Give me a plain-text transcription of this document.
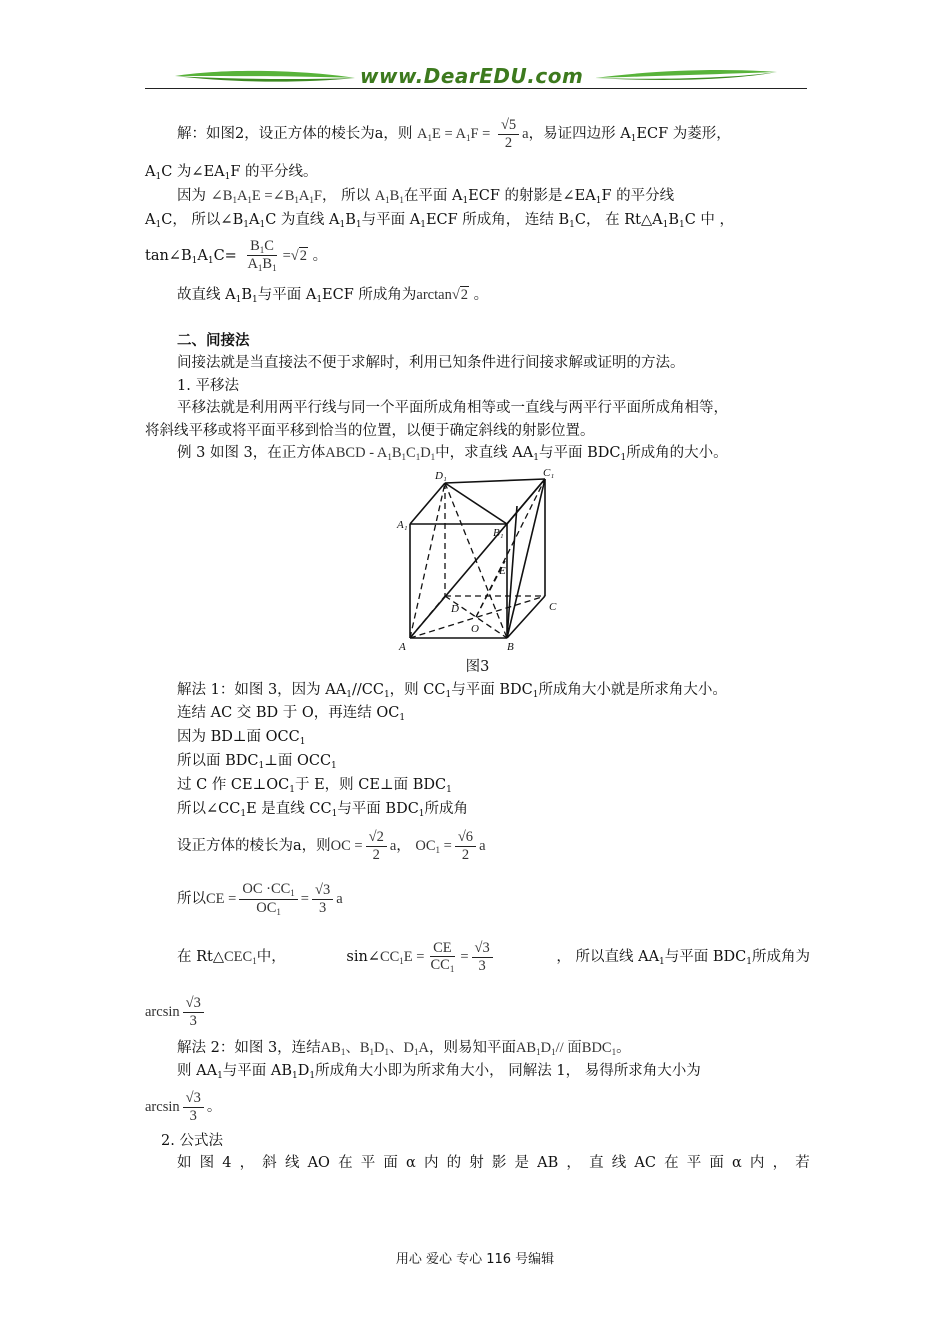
www.DearEDU.com
解：如图2，设正方体的棱长为a，则 $A_1E = A_1F = \frac{√5}{2}$ a，易证四边形 $A_1ECF$ 为菱形，
$A_1C$ 为$\angle EA_1F$ 的平分线。
因为 $\angle B_1A_1E$ $=\angle B_1A_1F$， 所以 $A_1B_1$在平面 $A_1ECF$ 的射影是$\angle EA_1F$ 的平分线
$A_1C$， 所以$\angle B_1A_1C$ 为直线 $A_1B_1$与平面 $A_1ECF$ 所成角， 连结 $B_1C$， 在 $Rt\triangle A_1B_1C$ 中 ，
$\tan\angle B_1A_1C= \frac{B_1C}{A_1B_1} =√2$ 。
故直线 $A_1B_1$与平面 $A_1ECF$ 所成角为arctan√2 。
二、间接法
间接法就是当直接法不便于求解时，利用已知条件进行间接求解或证明的方法。
1. 平移法
平移法就是利用两平行线与同一个平面所成角相等或一直线与两平行平面所成角相等，
将斜线平移或将平面平移到恰当的位置，以便于确定斜线的射影位置。
例 3 如图 3，在正方体ABCD - $A_1B_1C_1D_1$中，求直线 $AA_1$与平面 $BDC_1$所成角的大小。
D₁	C₁
A₁
B₁
E
D	C
O
A	B
图3
解法 1：如图 3，因为 $AA_1//CC_1$，则 $CC_1$与平面 $BDC_1$所成角大小就是所求角大小。
连结 AC 交 BD 于 O，再连结 $OC_1$
因为 BD⊥面 $OCC_1$
所以面 $BDC_1\perp$面 $OCC_1$
过 C 作 $CE\perp OC_1$于 E，则 CE⊥面 $BDC_1$
所以$\angle CC_1E$ 是直线 $CC_1$与平面 $BDC_1$所成角
设正方体的棱长为a，则OC = $\frac{√2}{2}$ a， $OC_1 = \frac{√6}{2}$ a
所以CE = $\frac{OC \cdot CC_1}{OC_1} = \frac{√3}{3}$ a
在 $Rt\triangle CEC_1$中，	$\sin\angle CC_1E = \frac{CE}{CC_1} = \frac{√3}{3}$	， 所以直线 $AA_1$与平面 $BDC_1$所成角为
$\arcsin \frac{√3}{3}$
解法 2：如图 3，连结$AB_1$、$B_1D_1$、$D_1A$，则易知平面$AB_1D_1//$ 面$BDC_1$。
则 $AA_1$与平面 $AB_1D_1$所成角大小即为所求角大小， 同解法 1， 易得所求角大小为
$\arcsin \frac{√3}{3}$ 。
2. 公式法
如 图 4 ， 斜 线 AO 在 平 面 α 内 的 射 影 是 AB ， 直 线 AC 在 平 面 α 内 ， 若
用心 爱心 专心 116 号编辑
